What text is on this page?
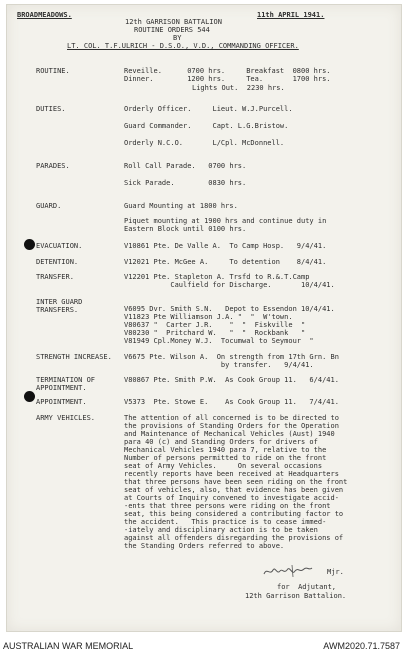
BROADMEADOWS.	11th APRIL 1941.
12th GARRISON BATTALION
ROUTINE ORDERS 544
BY
LT. COL. T.F.ULRICH - D.S.O., V.D., COMMANDING OFFICER.
ROUTINE.	Reveille.      0700 hrs.     Breakfast  0800 hrs.
Dinner.        1200 hrs.     Tea.       1700 hrs.
Lights Out.  2230 hrs.
DUTIES.	Orderly Officer.     Lieut. W.J.Purcell.
Guard Commander.     Capt. L.G.Bristow.
Orderly N.C.O.       L/Cpl. McDonnell.
PARADES.	Roll Call Parade.   0700 hrs.
Sick Parade.        0830 hrs.
GUARD.	Guard Mounting at 1800 hrs.
Piquet mounting at 1900 hrs and continue duty in
Eastern Block until 0100 hrs.
EVACUATION.	V10861 Pte. De Valle A.  To Camp Hosp.   9/4/41.
DETENTION.	V12021 Pte. McGee A.     To detention    8/4/41.
TRANSFER.	V12201 Pte. Stapleton A. Trsfd to R.&.T.Camp
Caulfield for Discharge.       10/4/41.
INTER GUARD
TRANSFERS.	V6095 Dvr. Smith S.N.   Depot to Essendon 10/4/41.
V11823 Pte Williamson J.A. "  "  W'town.
V80637 "  Carter J.R.    "  "  Fiskville  "
V80230 "  Pritchard W.   "  "  Rockbank   "
V81949 Cpl.Money W.J.  Tocumwal to Seymour  "
STRENGTH INCREASE. V6675 Pte. Wilson A.  On strength from 17th Grn. Bn
by transfer.   9/4/41.
TERMINATION OF
APPOINTMENT.
V80867 Pte. Smith P.W.  As Cook Group 11.   6/4/41.
APPOINTMENT.	V5373  Pte. Stowe E.    As Cook Group 11.   7/4/41.
ARMY VEHICLES.	The attention of all concerned is to be directed to
the provisions of Standing Orders for the Operation
and Maintenance of Mechanical Vehicles (Aust) 1940
para 40 (c) and Standing Orders for drivers of
Mechanical Vehicles 1940 para 7, relative to the
Number of persons permitted to ride on the front
seat of Army Vehicles.     On several occasions
recently reports have been received at Headquarters
that three persons have been seen riding on the front
seat of vehicles, also, that evidence has been given
at Courts of Inquiry convened to investigate accid-
-ents that three persons were riding on the front
seat, this being considered a contributing factor to
the accident.   This practice is to cease immed-
-iately and disciplinary action is to be taken
against all offenders disregarding the provisions of
the Standing Orders referred to above.
Mjr.
for  Adjutant,
12th Garrison Battalion.
AUSTRALIAN WAR MEMORIAL	AWM2020.71.7587
